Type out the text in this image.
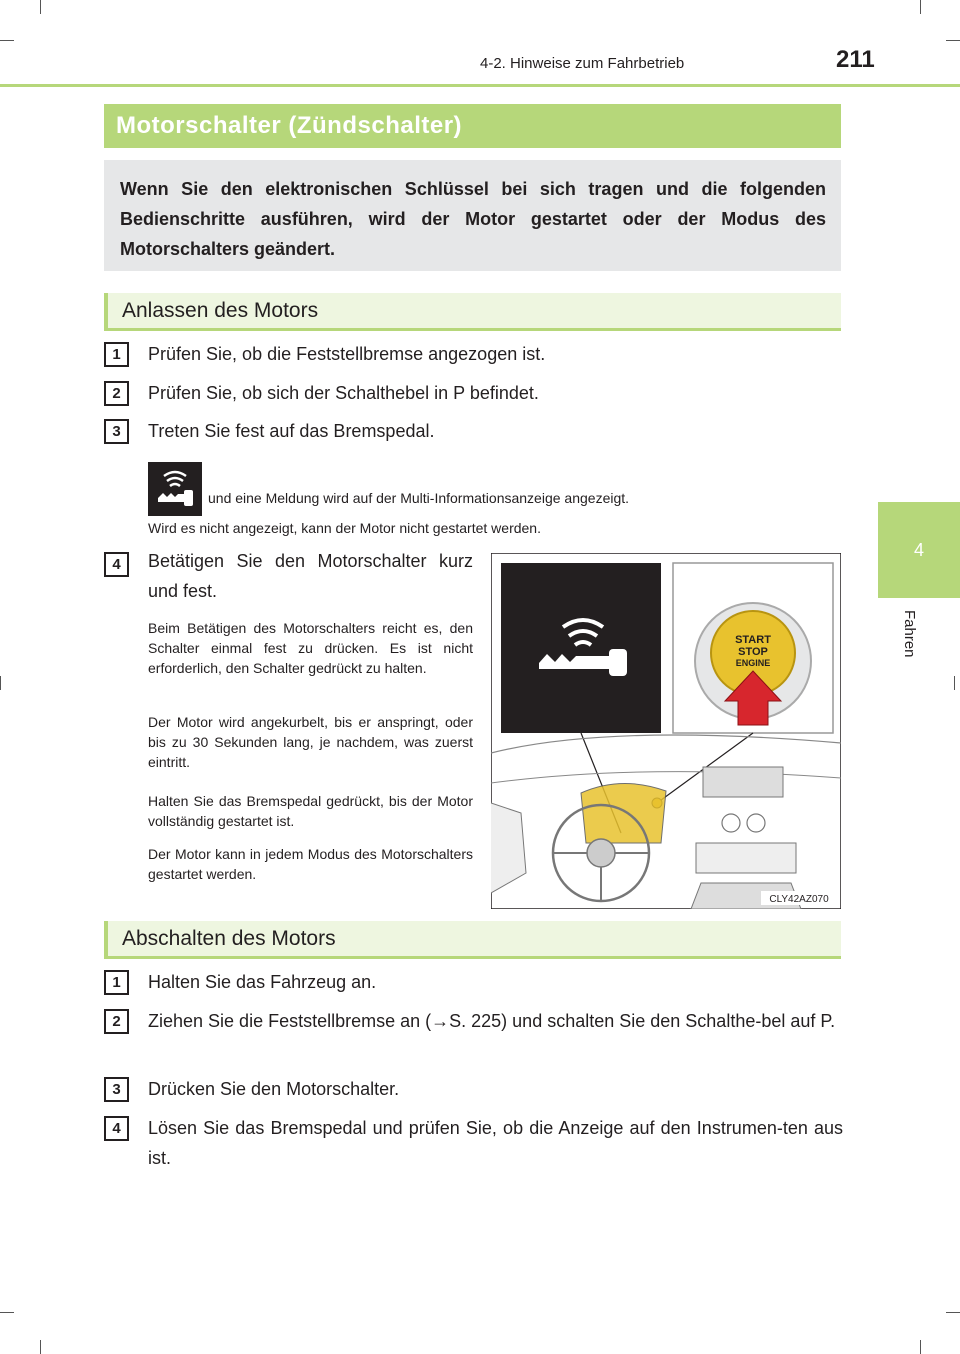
4-2. Hinweise zum Fahrbetrieb	211
4
Fahren
Motorschalter (Zündschalter)

Wenn Sie den elektronischen Schlüssel bei sich tragen und die folgenden Bedienschritte ausführen, wird der Motor gestartet oder der Modus des Motorschalters geändert.

Anlassen des Motors
1	Prüfen Sie, ob die Feststellbremse angezogen ist.
2	Prüfen Sie, ob sich der Schalthebel in P befindet.
3	Treten Sie fest auf das Bremspedal.
und eine Meldung wird auf der Multi-Informationsanzeige angezeigt.
Wird es nicht angezeigt, kann der Motor nicht gestartet werden.
4	Betätigen Sie den Motorschalter kurz und fest.
Beim Betätigen des Motorschalters reicht es, den Schalter einmal fest zu drücken. Es ist nicht erforderlich, den Schalter gedrückt zu halten.
Der Motor wird angekurbelt, bis er anspringt, oder bis zu 30 Sekunden lang, je nachdem, was zuerst eintritt.
Halten Sie das Bremspedal gedrückt, bis der Motor vollständig gestartet ist.
Der Motor kann in jedem Modus des Motorschalters gestartet werden.
START
STOP
ENGINE
CLY42AZ070
Abschalten des Motors
1	Halten Sie das Fahrzeug an.
2	Ziehen Sie die Feststellbremse an (→S. 225) und schalten Sie den Schalthe-bel auf P.
3	Drücken Sie den Motorschalter.
4	Lösen Sie das Bremspedal und prüfen Sie, ob die Anzeige auf den Instrumen-ten aus ist.
